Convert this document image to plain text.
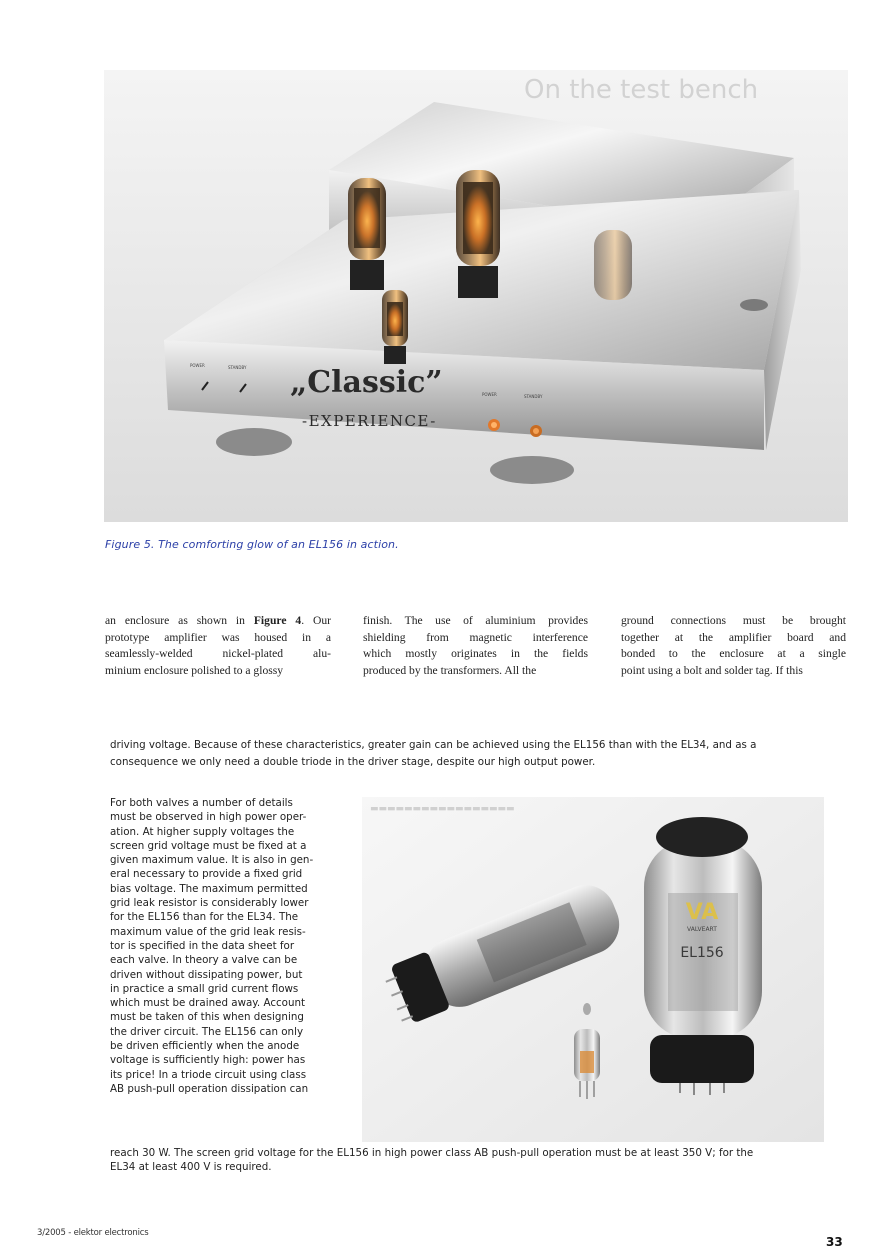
On the test bench
POWER	STANDBY „Classic”
-EXPERIENCE-
POWER	STANDBY
Figure 5. The comforting glow of an EL156 in action.
an enclosure as shown in Figure 4. Our
prototype amplifier was housed in a
seamlessly-welded nickel-plated alu-
minium enclosure polished to a glossy
finish. The use of aluminium provides
shielding from magnetic interference
which mostly originates in the fields
produced by the transformers. All the
ground connections must be brought
together at the amplifier board and
bonded to the enclosure at a single
point using a bolt and solder tag. If this
driving voltage. Because of these characteristics, greater gain can be achieved using the EL156 than with the EL34, and as a
consequence we only need a double triode in the driver stage, despite our high output power.
For both valves a number of details
must be observed in high power oper-
ation. At higher supply voltages the
screen grid voltage must be fixed at a
given maximum value. It is also in gen-
eral necessary to provide a fixed grid
bias voltage. The maximum permitted
grid leak resistor is considerably lower
for the EL156 than for the EL34. The
maximum value of the grid leak resis-
tor is specified in the data sheet for
each valve. In theory a valve can be
driven without dissipating power, but
in practice a small grid current flows
which must be drained away. Account
must be taken of this when designing
the driver circuit. The EL156 can only
be driven efficiently when the anode
voltage is sufficiently high: power has
its price! In a triode circuit using class
AB push-pull operation dissipation can
▬▬▬▬▬▬▬▬▬▬▬▬▬▬▬▬▬
VA
VALVEART
EL156
reach 30 W. The screen grid voltage for the EL156 in high power class AB push-pull operation must be at least 350 V; for the
EL34 at least 400 V is required.
3/2005 - elektor electronics
33
